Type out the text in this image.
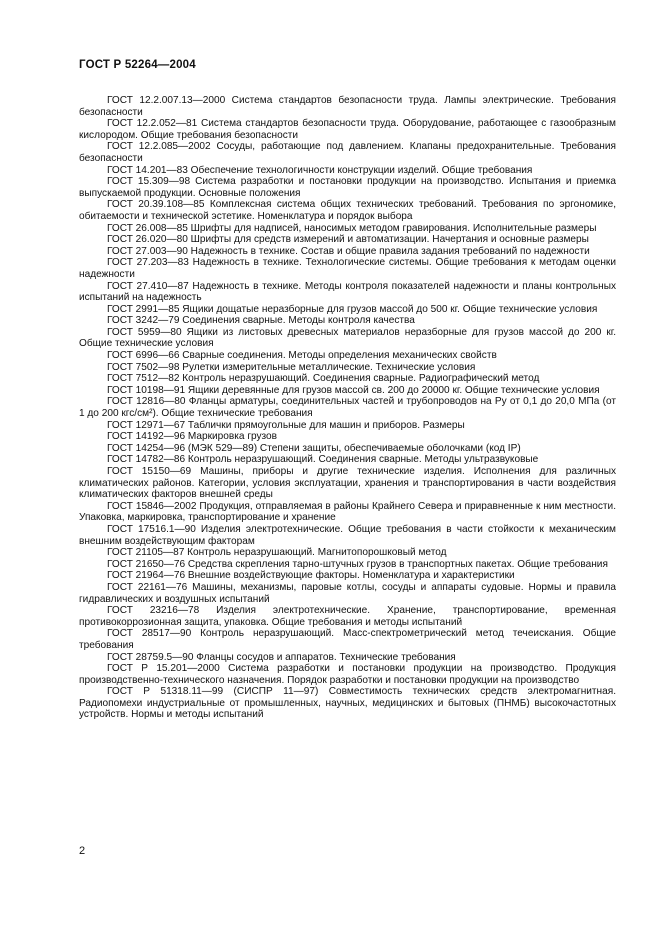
ГОСТ Р 52264—2004

ГОСТ 12.2.007.13—2000 Система стандартов безопасности труда. Лампы электрические. Требования безопасности

ГОСТ 12.2.052—81 Система стандартов безопасности труда. Оборудование, работающее с газообразным кислородом. Общие требования безопасности

ГОСТ 12.2.085—2002 Сосуды, работающие под давлением. Клапаны предохранительные. Требования безопасности

ГОСТ 14.201—83 Обеспечение технологичности конструкции изделий. Общие требования

ГОСТ 15.309—98 Система разработки и постановки продукции на производство. Испытания и приемка выпускаемой продукции. Основные положения

ГОСТ 20.39.108—85 Комплексная система общих технических требований. Требования по эргономике, обитаемости и технической эстетике. Номенклатура и порядок выбора

ГОСТ 26.008—85 Шрифты для надписей, наносимых методом гравирования. Исполнительные размеры

ГОСТ 26.020—80 Шрифты для средств измерений и автоматизации. Начертания и основные размеры

ГОСТ 27.003—90 Надежность в технике. Состав и общие правила задания требований по надежности

ГОСТ 27.203—83 Надежность в технике. Технологические системы. Общие требования к методам оценки надежности

ГОСТ 27.410—87 Надежность в технике. Методы контроля показателей надежности и планы контрольных испытаний на надежность

ГОСТ 2991—85 Ящики дощатые неразборные для грузов массой до 500 кг. Общие технические условия

ГОСТ 3242—79 Соединения сварные. Методы контроля качества

ГОСТ 5959—80 Ящики из листовых древесных материалов неразборные для грузов массой до 200 кг. Общие технические условия

ГОСТ 6996—66 Сварные соединения. Методы определения механических свойств

ГОСТ 7502—98 Рулетки измерительные металлические. Технические условия

ГОСТ 7512—82 Контроль неразрушающий. Соединения сварные. Радиографический метод

ГОСТ 10198—91 Ящики деревянные для грузов массой св. 200 до 20000 кг. Общие технические условия

ГОСТ 12816—80 Фланцы арматуры, соединительных частей и трубопроводов на Pу от 0,1 до 20,0 МПа (от 1 до 200 кгс/см²). Общие технические требования

ГОСТ 12971—67 Таблички прямоугольные для машин и приборов. Размеры

ГОСТ 14192—96 Маркировка грузов

ГОСТ 14254—96 (МЭК 529—89) Степени защиты, обеспечиваемые оболочками (код IP)

ГОСТ 14782—86 Контроль неразрушающий. Соединения сварные. Методы ультразвуковые

ГОСТ 15150—69 Машины, приборы и другие технические изделия. Исполнения для различных климатических районов. Категории, условия эксплуатации, хранения и транспортирования в части воздействия климатических факторов внешней среды

ГОСТ 15846—2002 Продукция, отправляемая в районы Крайнего Севера и приравненные к ним местности. Упаковка, маркировка, транспортирование и хранение

ГОСТ 17516.1—90 Изделия электротехнические. Общие требования в части стойкости к механическим внешним воздействующим факторам

ГОСТ 21105—87 Контроль неразрушающий. Магнитопорошковый метод

ГОСТ 21650—76 Средства скрепления тарно-штучных грузов в транспортных пакетах. Общие требования

ГОСТ 21964—76 Внешние воздействующие факторы. Номенклатура и характеристики

ГОСТ 22161—76 Машины, механизмы, паровые котлы, сосуды и аппараты судовые. Нормы и правила гидравлических и воздушных испытаний

ГОСТ 23216—78 Изделия электротехнические. Хранение, транспортирование, временная противокоррозионная защита, упаковка. Общие требования и методы испытаний

ГОСТ 28517—90 Контроль неразрушающий. Масс-спектрометрический метод течеискания. Общие требования

ГОСТ 28759.5—90 Фланцы сосудов и аппаратов. Технические требования

ГОСТ Р 15.201—2000 Система разработки и постановки продукции на производство. Продукция производственно-технического назначения. Порядок разработки и постановки продукции на производство

ГОСТ Р 51318.11—99 (СИСПР 11—97) Совместимость технических средств электромагнитная. Радиопомехи индустриальные от промышленных, научных, медицинских и бытовых (ПНМБ) высокочастотных устройств. Нормы и методы испытаний

2
